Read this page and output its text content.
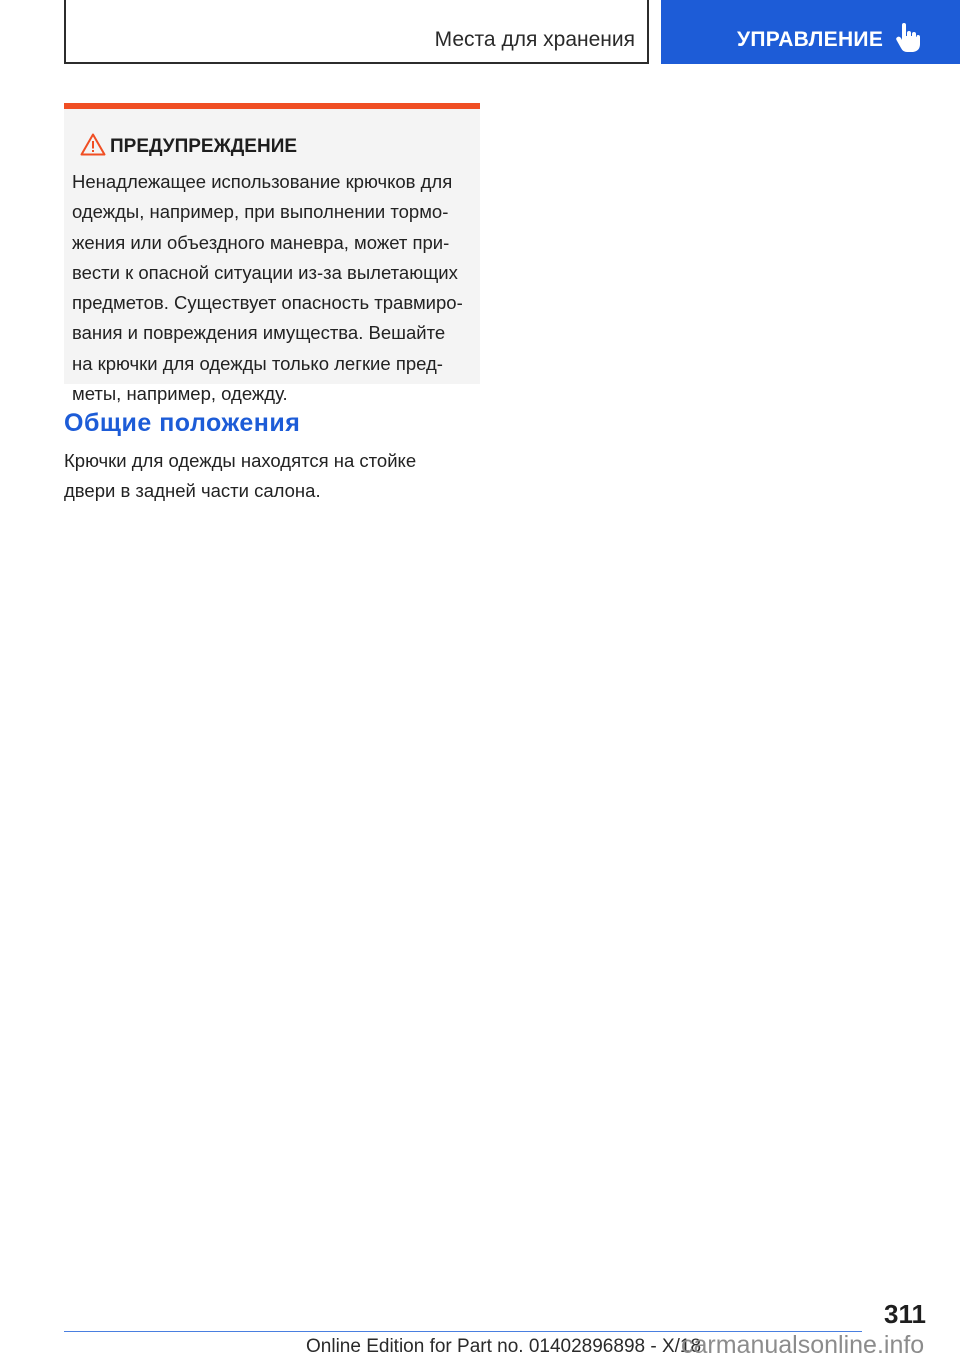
Места для хранения	УПРАВЛЕНИЕ
ПРЕДУПРЕЖДЕНИЕ

Ненадлежащее использование крючков для
одежды, например, при выполнении тормо-
жения или объездного маневра, может при-
вести к опасной ситуации из-за вылетающих
предметов. Существует опасность травмиро-
вания и повреждения имущества. Вешайте
на крючки для одежды только легкие пред-
меты, например, одежду.

Общие положения

Крючки для одежды находятся на стойке
двери в задней части салона.

311
Online Edition for Part no. 01402896898 - X/18
carmanualsonline.info
